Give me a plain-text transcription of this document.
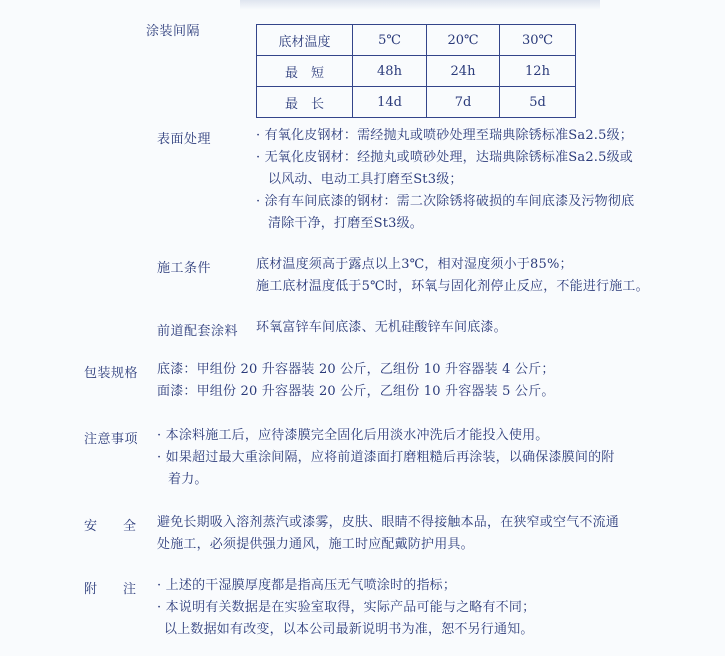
涂装间隔
底材温度	5℃	20℃	30℃
最　短	48h	24h	12h
最　长	14d	7d	5d
表面处理	· 有氧化皮钢材：需经抛丸或喷砂处理至瑞典除锈标准Sa2.5级；
· 无氧化皮钢材：经抛丸或喷砂处理，达瑞典除锈标准Sa2.5级或
以风动、电动工具打磨至St3级；
· 涂有车间底漆的钢材：需二次除锈将破损的车间底漆及污物彻底
清除干净，打磨至St3级。
施工条件	底材温度须高于露点以上3℃，相对湿度须小于85%；
施工底材温度低于5℃时，环氧与固化剂停止反应，不能进行施工。
前道配套涂料 环氧富锌车间底漆、无机硅酸锌车间底漆。
包装规格 底漆：甲组份 20 升容器装 20 公斤，乙组份 10 升容器装 4 公斤；
面漆：甲组份 20 升容器装 20 公斤，乙组份 10 升容器装 5 公斤。
注意事项 · 本涂料施工后，应待漆膜完全固化后用淡水冲洗后才能投入使用。
· 如果超过最大重涂间隔，应将前道漆面打磨粗糙后再涂装，以确保漆膜间的附
着力。
安全
避免长期吸入溶剂蒸汽或漆雾，皮肤、眼睛不得接触本品，在狭窄或空气不流通
处施工，必须提供强力通风，施工时应配戴防护用具。
附注
· 上述的干湿膜厚度都是指高压无气喷涂时的指标；
· 本说明有关数据是在实验室取得，实际产品可能与之略有不同；
以上数据如有改变，以本公司最新说明书为准，恕不另行通知。
